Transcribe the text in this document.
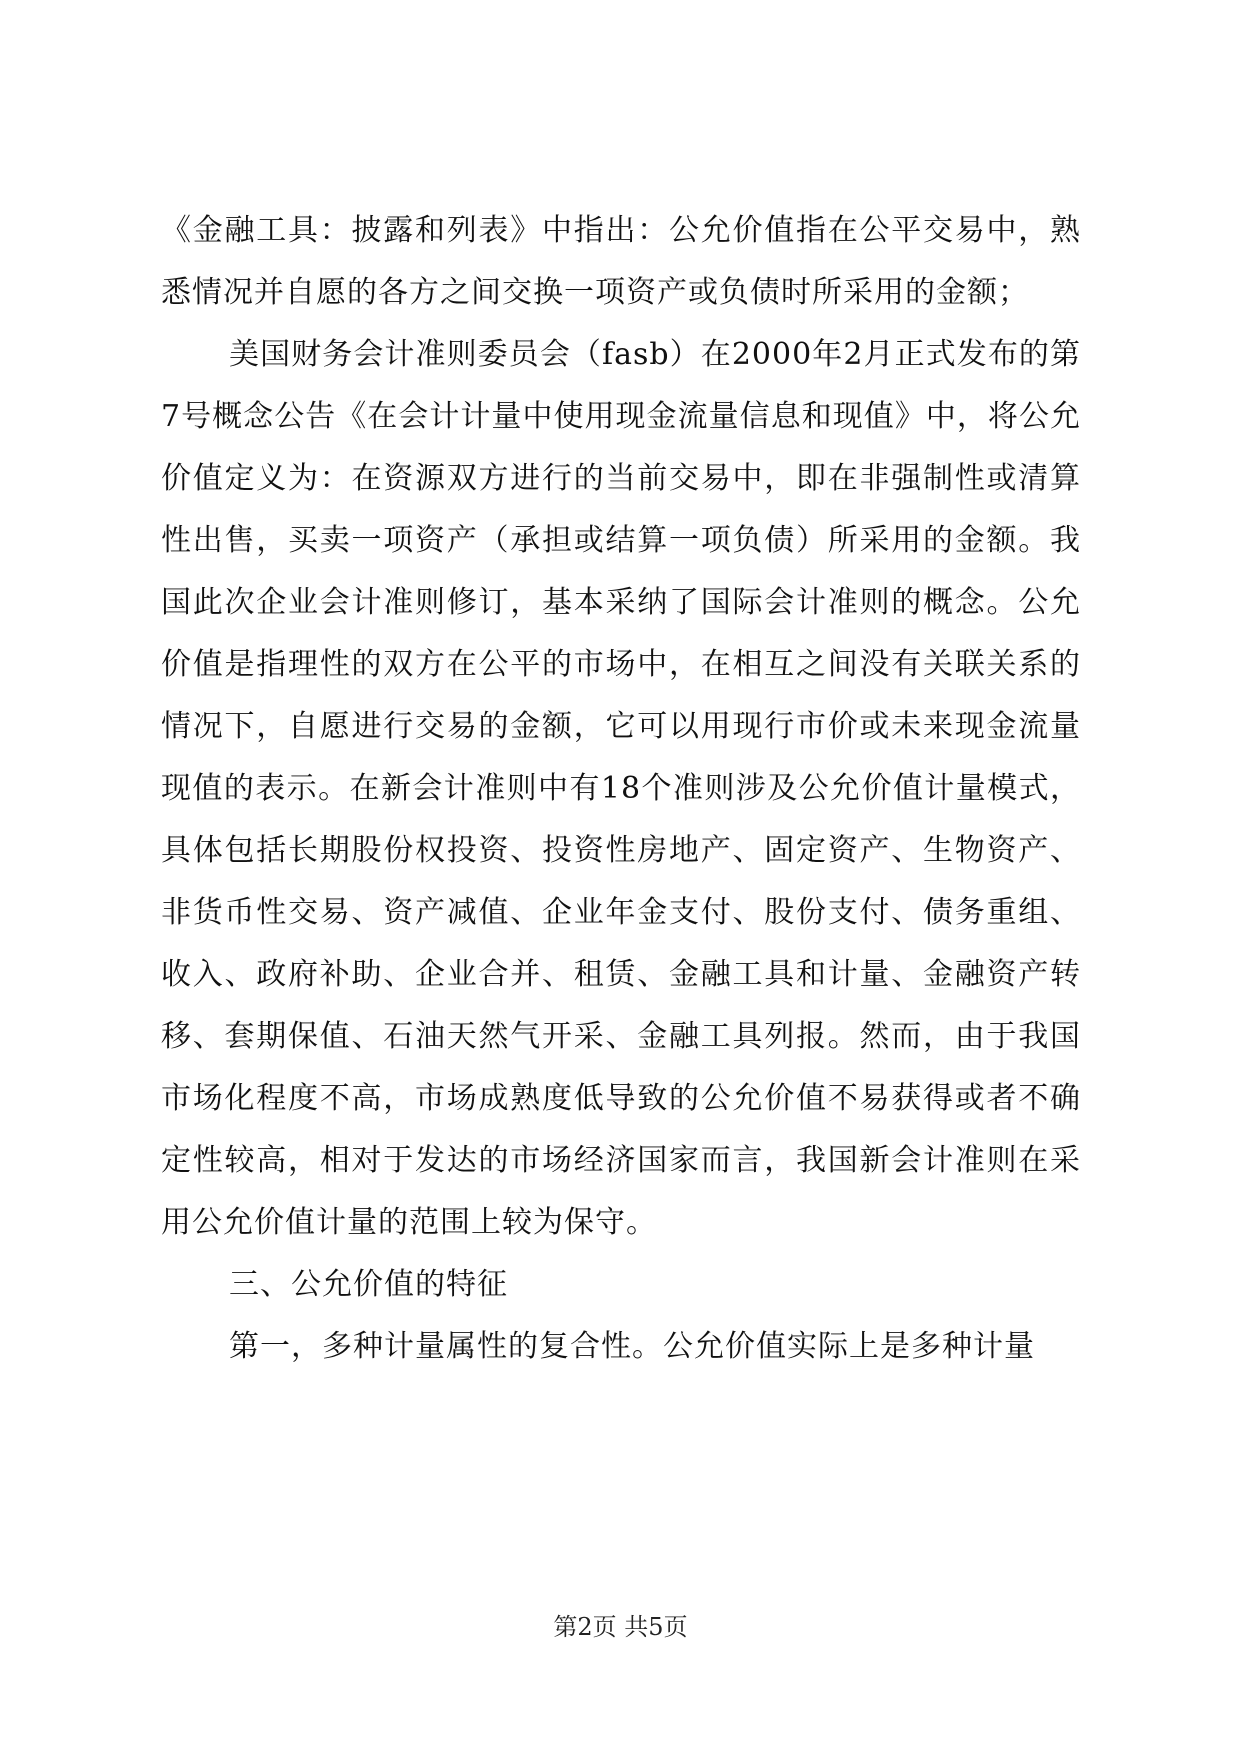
《金融工具：披露和列表》中指出：公允价值指在公平交易中，熟悉情况并自愿的各方之间交换一项资产或负债时所采用的金额；

美国财务会计准则委员会（fasb）在2000年2月正式发布的第7号概念公告《在会计计量中使用现金流量信息和现值》中，将公允价值定义为：在资源双方进行的当前交易中，即在非强制性或清算性出售，买卖一项资产（承担或结算一项负债）所采用的金额。我国此次企业会计准则修订，基本采纳了国际会计准则的概念。公允价值是指理性的双方在公平的市场中，在相互之间没有关联关系的情况下，自愿进行交易的金额，它可以用现行市价或未来现金流量现值的表示。在新会计准则中有18个准则涉及公允价值计量模式，具体包括长期股份权投资、投资性房地产、固定资产、生物资产、非货币性交易、资产减值、企业年金支付、股份支付、债务重组、收入、政府补助、企业合并、租赁、金融工具和计量、金融资产转移、套期保值、石油天然气开采、金融工具列报。然而，由于我国市场化程度不高，市场成熟度低导致的公允价值不易获得或者不确定性较高，相对于发达的市场经济国家而言，我国新会计准则在采用公允价值计量的范围上较为保守。

三、公允价值的特征

第一，多种计量属性的复合性。公允价值实际上是多种计量

第2页 共5页
